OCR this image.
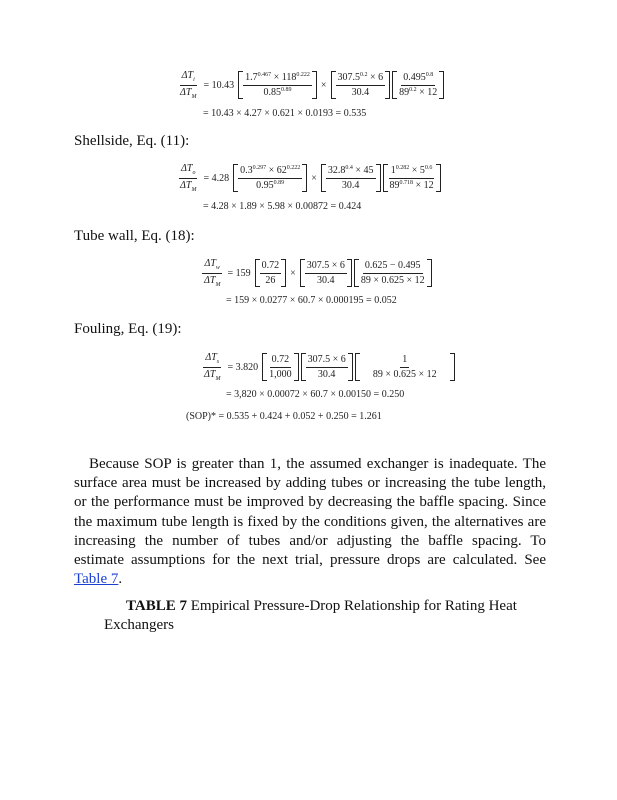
$\frac{\Delta T_i}{\Delta T_M} = 10.43 \frac{1.7^{0.467} \times 118^{0.222}}{0.85^{0.89}} \times \frac{307.5^{0.2} \times 6}{30.4} \frac{0.495^{0.8}}{89^{0.2} \times 12}$
= 10.43 × 4.27 × 0.621 × 0.0193 = 0.535
Shellside, Eq. (11):
$\frac{\Delta T_o}{\Delta T_M} = 4.28 \frac{0.3^{0.297} \times 62^{0.222}}{0.95^{0.89}} \times \frac{32.8^{0.4} \times 45}{30.4} \frac{1^{0.282} \times 5^{0.6}}{89^{0.718} \times 12}$
= 4.28 × 1.89 × 5.98 × 0.00872 = 0.424
Tube wall, Eq. (18):
$\frac{\Delta T_w}{\Delta T_M} = 159 \frac{0.72}{26} \times \frac{307.5 \times 6}{30.4} \frac{0.625 - 0.495}{89 \times 0.625 \times 12}$
= 159 × 0.0277 × 60.7 × 0.000195 = 0.052
Fouling, Eq. (19):
$\frac{\Delta T_s}{\Delta T_M} = 3.820 \frac{0.72}{1,000} \frac{307.5 \times 6}{30.4} \frac{1}{89 \times 0.625 \times 12}$
= 3,820 × 0.00072 × 60.7 × 0.00150 = 0.250
(SOP)* = 0.535 + 0.424 + 0.052 + 0.250 = 1.261
Because SOP is greater than 1, the assumed exchanger is inadequate. The surface area must be increased by adding tubes or increasing the tube length, or the performance must be improved by decreasing the baffle spacing. Since the maximum tube length is fixed by the conditions given, the alternatives are increasing the number of tubes and/or adjusting the baffle spacing. To estimate assumptions for the next trial, pressure drops are calculated. See Table 7.
TABLE 7 Empirical Pressure-Drop Relationship for Rating Heat Exchangers
